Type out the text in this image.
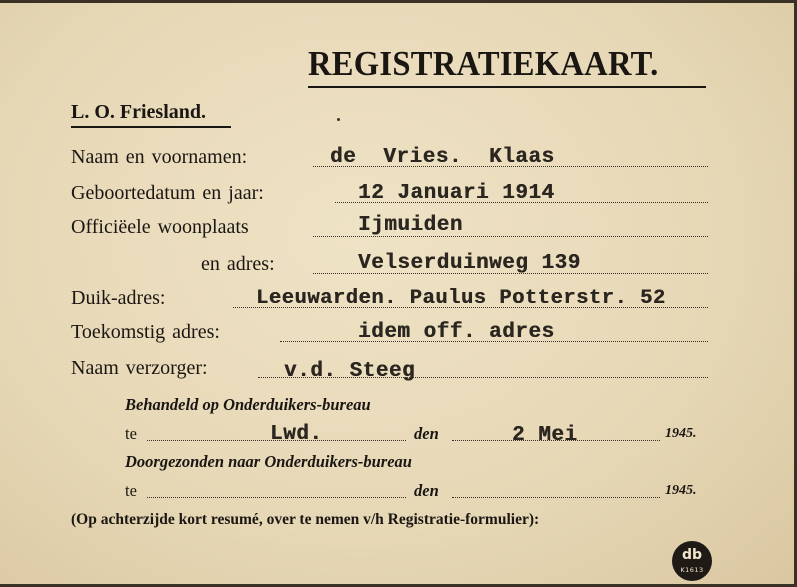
REGISTRATIEKAART.
L. O. Friesland.
Naam en voornamen:	de Vries. Klaas
Geboortedatum en jaar:	12 Januari 1914
Officiëele woonplaats	Ijmuiden
en adres:	Velserduinweg 139
Duik-adres:	Leeuwarden. Paulus Potterstr. 52
Toekomstig adres:	idem off. adres
Naam verzorger:	v.d. Steeg
Behandeld op Onderduikers-bureau
te	Lwd.	den	2 Mei	1945.
Doorgezonden naar Onderduikers-bureau
te	den	1945.
(Op achterzijde kort resumé, over te nemen v/h Registratie-formulier):
db
K1613
